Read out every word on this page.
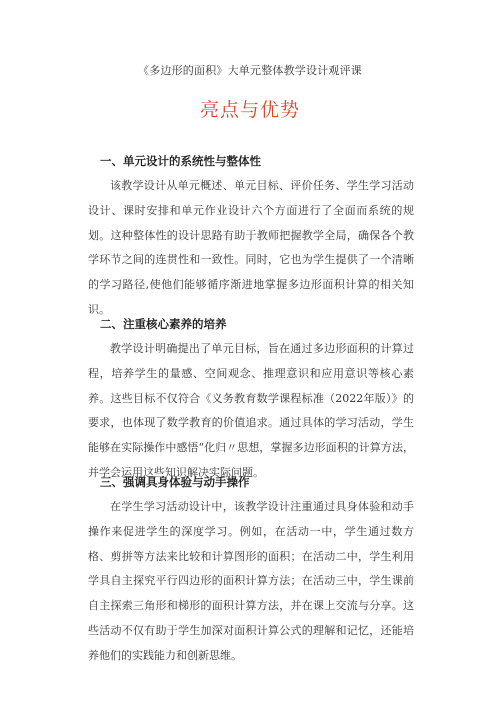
《多边形的面积》大单元整体教学设计观评课
亮点与优势
一、单元设计的系统性与整体性

该教学设计从单元概述、单元目标、评价任务、学生学习活动设计、课时安排和单元作业设计六个方面进行了全面而系统的规划。这种整体性的设计思路有助于教师把握教学全局，确保各个教学环节之间的连贯性和一致性。同时，它也为学生提供了一个清晰的学习路径,使他们能够循序渐进地掌握多边形面积计算的相关知识。

二、注重核心素养的培养

教学设计明确提出了单元目标，旨在通过多边形面积的计算过程，培养学生的量感、空间观念、推理意识和应用意识等核心素养。这些目标不仅符合《义务教育数学课程标准（2022年版）》的要求，也体现了数学教育的价值追求。通过具体的学习活动，学生能够在实际操作中感悟“化归〃思想，掌握多边形面积的计算方法，并学会运用这些知识解决实际问题。

三、强调具身体验与动手操作

在学生学习活动设计中，该教学设计注重通过具身体验和动手操作来促进学生的深度学习。例如，在活动一中，学生通过数方格、剪拼等方法来比较和计算图形的面积；在活动二中，学生利用学具自主探究平行四边形的面积计算方法；在活动三中，学生课前自主探索三角形和梯形的面积计算方法，并在课上交流与分享。这些活动不仅有助于学生加深对面积计算公式的理解和记忆，还能培养他们的实践能力和创新思维。
